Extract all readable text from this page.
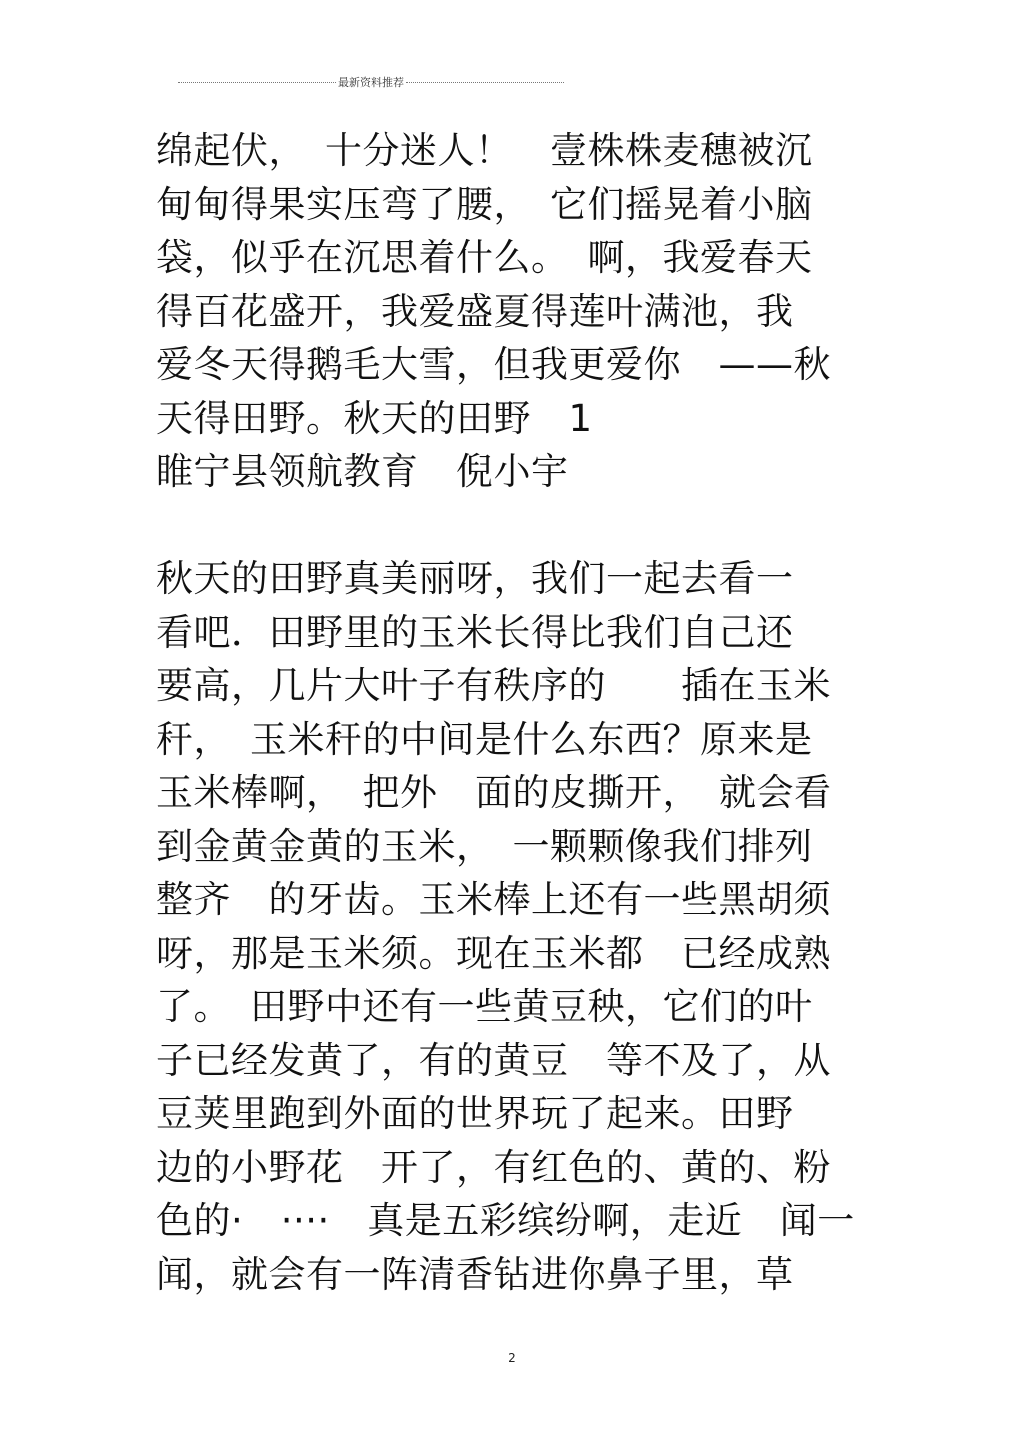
最新资料推荐
绵起伏，　十分迷人！　壹株株麦穗被沉
甸甸得果实压弯了腰，　它们摇晃着小脑
袋，似乎在沉思着什么。　啊，我爱春天
得百花盛开，我爱盛夏得莲叶满池，我
爱冬天得鹅毛大雪，但我更爱你　——秋
天得田野。秋天的田野　1
睢宁县领航教育　倪小宇
秋天的田野真美丽呀，我们一起去看一
看吧．田野里的玉米长得比我们自己还
要高，几片大叶子有秩序的　　插在玉米
秆，　玉米秆的中间是什么东西？原来是
玉米棒啊，　把外　面的皮撕开，　就会看
到金黄金黄的玉米，　一颗颗像我们排列
整齐　的牙齿。玉米棒上还有一些黑胡须
呀，那是玉米须。现在玉米都　已经成熟
了。　田野中还有一些黄豆秧，它们的叶
子已经发黄了，有的黄豆　等不及了，从
豆荚里跑到外面的世界玩了起来。田野
边的小野花　开了，有红色的、黄的、粉
色的·　····　真是五彩缤纷啊，走近　闻一
闻，就会有一阵清香钻进你鼻子里，草
2
